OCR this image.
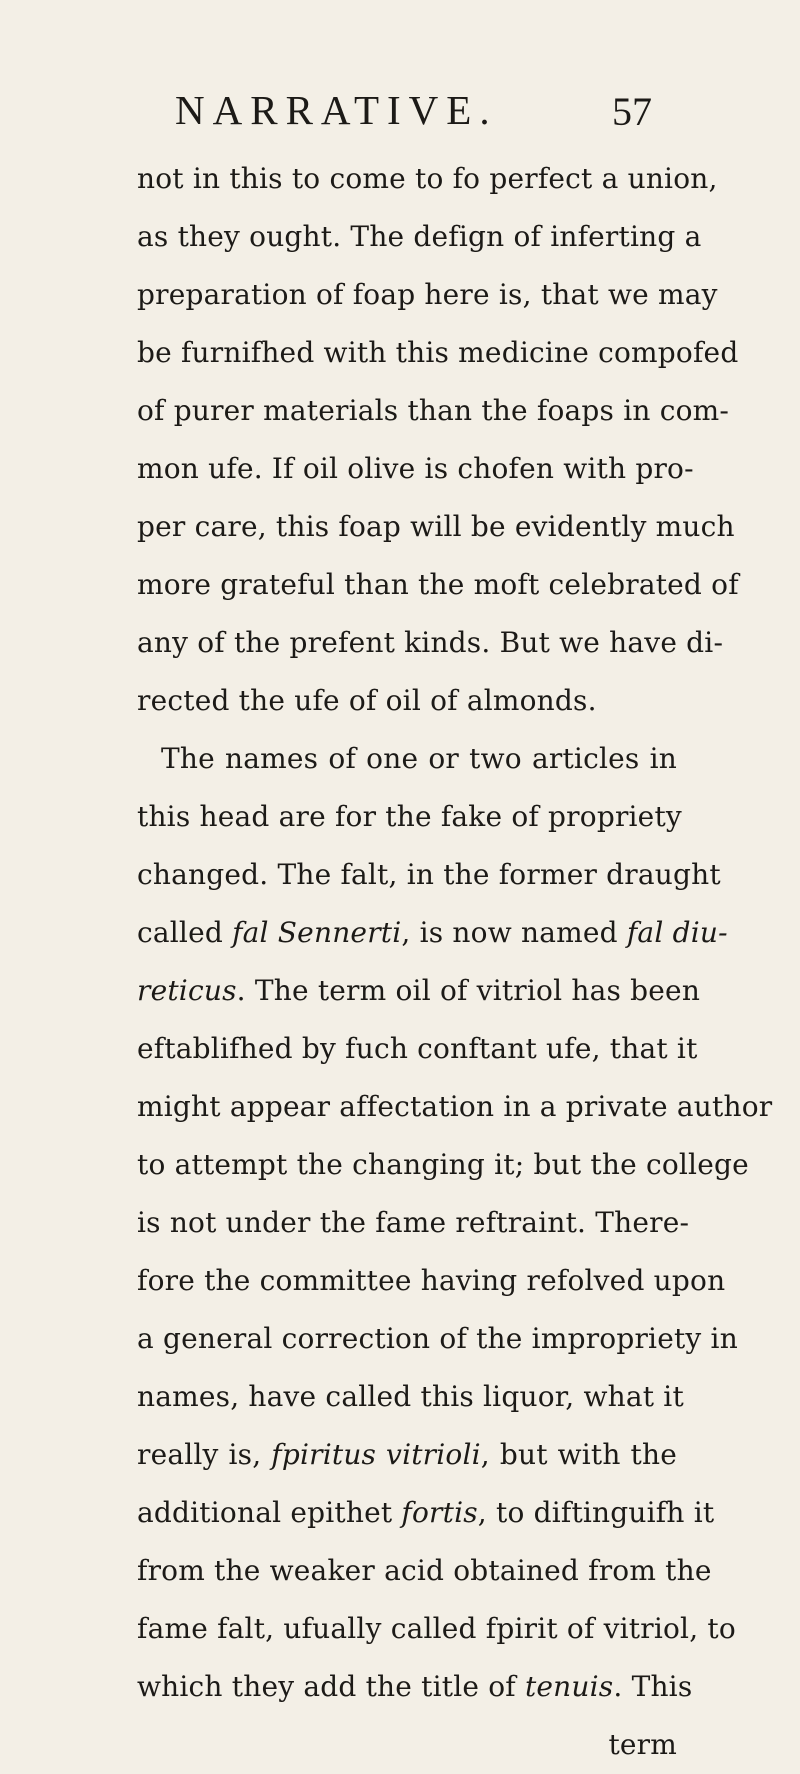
NARRATIVE.	57
not in this to come to fo perfect a union,
as they ought. The defign of inferting a
preparation of foap here is, that we may
be furnifhed with this medicine compofed
of purer materials than the foaps in com-
mon ufe. If oil olive is chofen with pro-
per care, this foap will be evidently much
more grateful than the moft celebrated of
any of the prefent kinds. But we have di-
rected the ufe of oil of almonds.
The names of one or two articles in
this head are for the fake of propriety
changed. The falt, in the former draught
called fal Sennerti, is now named fal diu-
reticus. The term oil of vitriol has been
eftablifhed by fuch conftant ufe, that it
might appear affectation in a private author
to attempt the changing it; but the college
is not under the fame reftraint. There-
fore the committee having refolved upon
a general correction of the impropriety in
names, have called this liquor, what it
really is, fpiritus vitrioli, but with the
additional epithet fortis, to diftinguifh it
from the weaker acid obtained from the
fame falt, ufually called fpirit of vitriol, to
which they add the title of tenuis. This
term
